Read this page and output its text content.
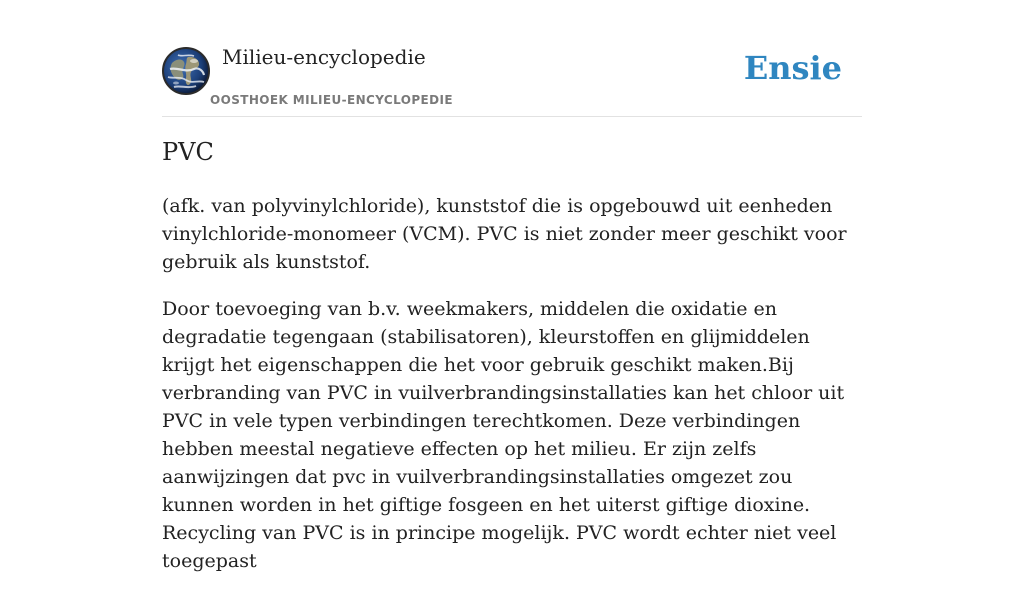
Milieu-encyclopedie
OOSTHOEK MILIEU-ENCYCLOPEDIE
Ensie
PVC

(afk. van polyvinylchloride), kunststof die is opgebouwd uit eenheden vinylchloride-monomeer (VCM). PVC is niet zonder meer geschikt voor gebruik als kunststof.

Door toevoeging van b.v. weekmakers, middelen die oxidatie en degradatie tegengaan (stabilisatoren), kleurstoffen en glijmiddelen krijgt het eigenschappen die het voor gebruik geschikt maken.Bij verbranding van PVC in vuilverbrandingsinstallaties kan het chloor uit PVC in vele typen verbindingen terechtkomen. Deze verbindingen hebben meestal negatieve effecten op het milieu. Er zijn zelfs aanwijzingen dat pvc in vuilverbrandingsinstallaties omgezet zou kunnen worden in het giftige fosgeen en het uiterst giftige dioxine. Recycling van PVC is in principe mogelijk. PVC wordt echter niet veel toegepast
